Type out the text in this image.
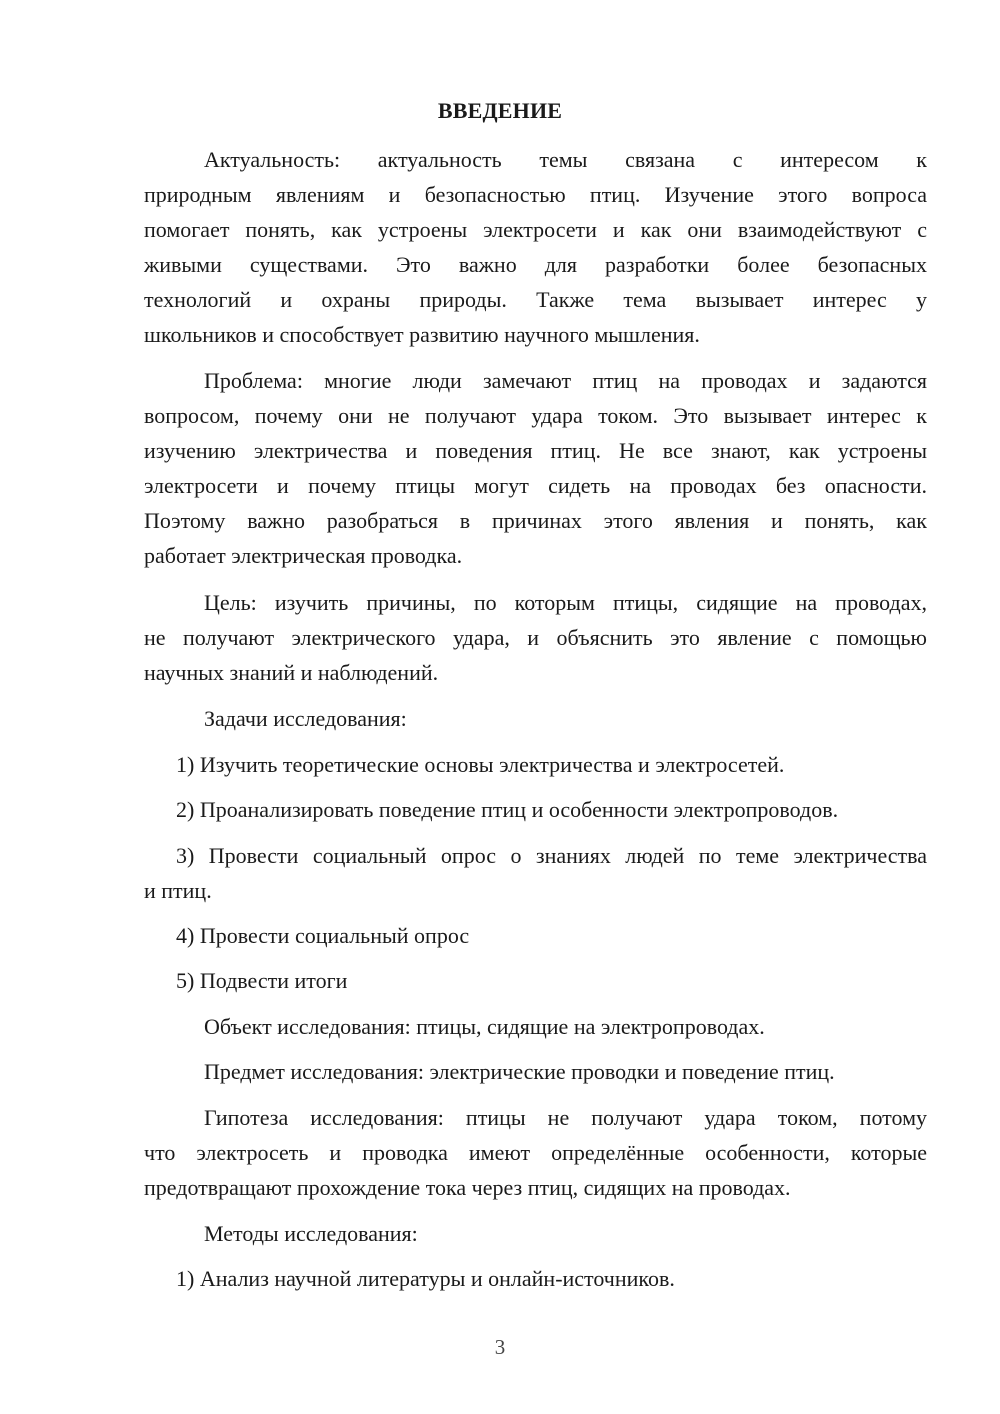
ВВЕДЕНИЕ
Актуальность: актуальность темы связана с интересом к
природным явлениям и безопасностью птиц. Изучение этого вопроса
помогает понять, как устроены электросети и как они взаимодействуют с
живыми существами. Это важно для разработки более безопасных
технологий и охраны природы. Также тема вызывает интерес у
школьников и способствует развитию научного мышления.
Проблема: многие люди замечают птиц на проводах и задаются
вопросом, почему они не получают удара током. Это вызывает интерес к
изучению электричества и поведения птиц. Не все знают, как устроены
электросети и почему птицы могут сидеть на проводах без опасности.
Поэтому важно разобраться в причинах этого явления и понять, как
работает электрическая проводка.
Цель: изучить причины, по которым птицы, сидящие на проводах,
не получают электрического удара, и объяснить это явление с помощью
научных знаний и наблюдений.
Задачи исследования:
1) Изучить теоретические основы электричества и электросетей.
2) Проанализировать поведение птиц и особенности электропроводов.
3) Провести социальный опрос о знаниях людей по теме электричества
и птиц.
4) Провести социальный опрос
5) Подвести итоги
Объект исследования: птицы, сидящие на электропроводах.
Предмет исследования: электрические проводки и поведение птиц.
Гипотеза исследования: птицы не получают удара током, потому
что электросеть и проводка имеют определённые особенности, которые
предотвращают прохождение тока через птиц, сидящих на проводах.
Методы исследования:
1) Анализ научной литературы и онлайн-источников.
3
